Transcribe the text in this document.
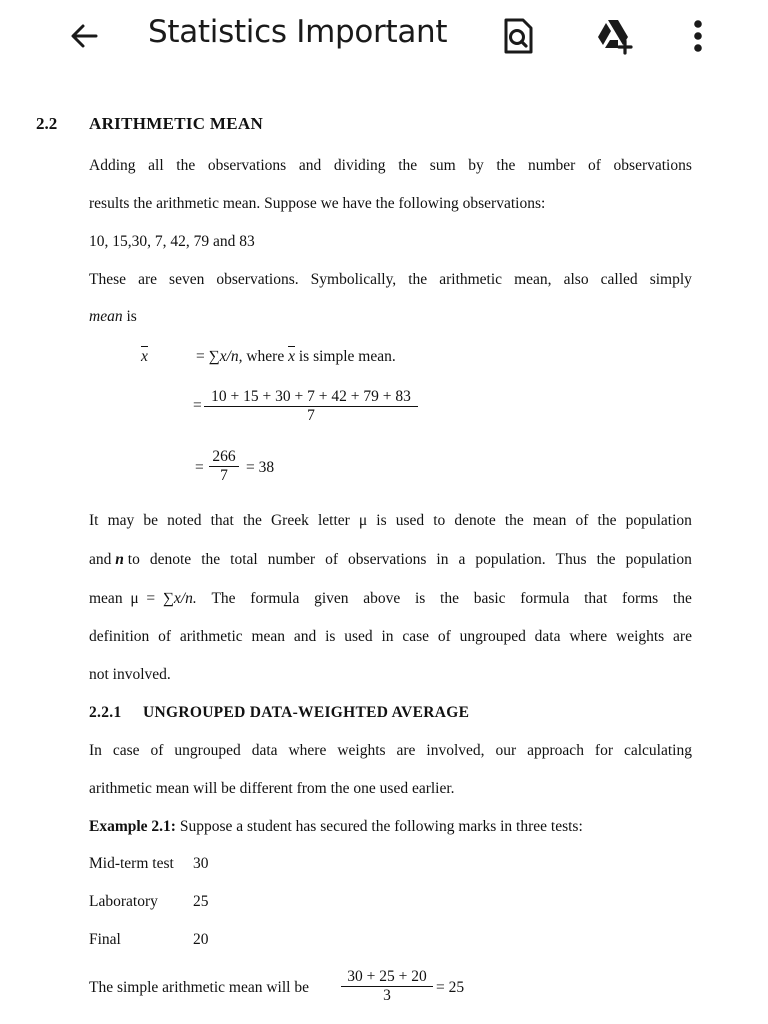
Statistics Important
2.2 ARITHMETIC MEAN
Adding all the observations and dividing the sum by the number of observations
results the arithmetic mean. Suppose we have the following observations:
10, 15,30, 7, 42, 79 and 83
These are seven observations. Symbolically, the arithmetic mean, also called simply
mean is
x	= ∑x/n, where x is simple mean.
=
10 + 15 + 30 + 7 + 42 + 79 + 83
7
=
266
7	= 38
It may be noted that the Greek letter μ is used to denote the mean of the population
and n to denote the total number of observations in a population. Thus the population
mean  μ  =  ∑x/n. The formula given above is the basic formula that forms the
definition of arithmetic mean and is used in case of ungrouped data where weights are
not involved.
2.2.1 UNGROUPED DATA-WEIGHTED AVERAGE
In case of ungrouped data where weights are involved, our approach for calculating
arithmetic mean will be different from the one used earlier.
Example 2.1: Suppose a student has secured the following marks in three tests:
Mid-term test 30
Laboratory 25
Final	20
The simple arithmetic mean will be
30 + 25 + 20
3	= 25
